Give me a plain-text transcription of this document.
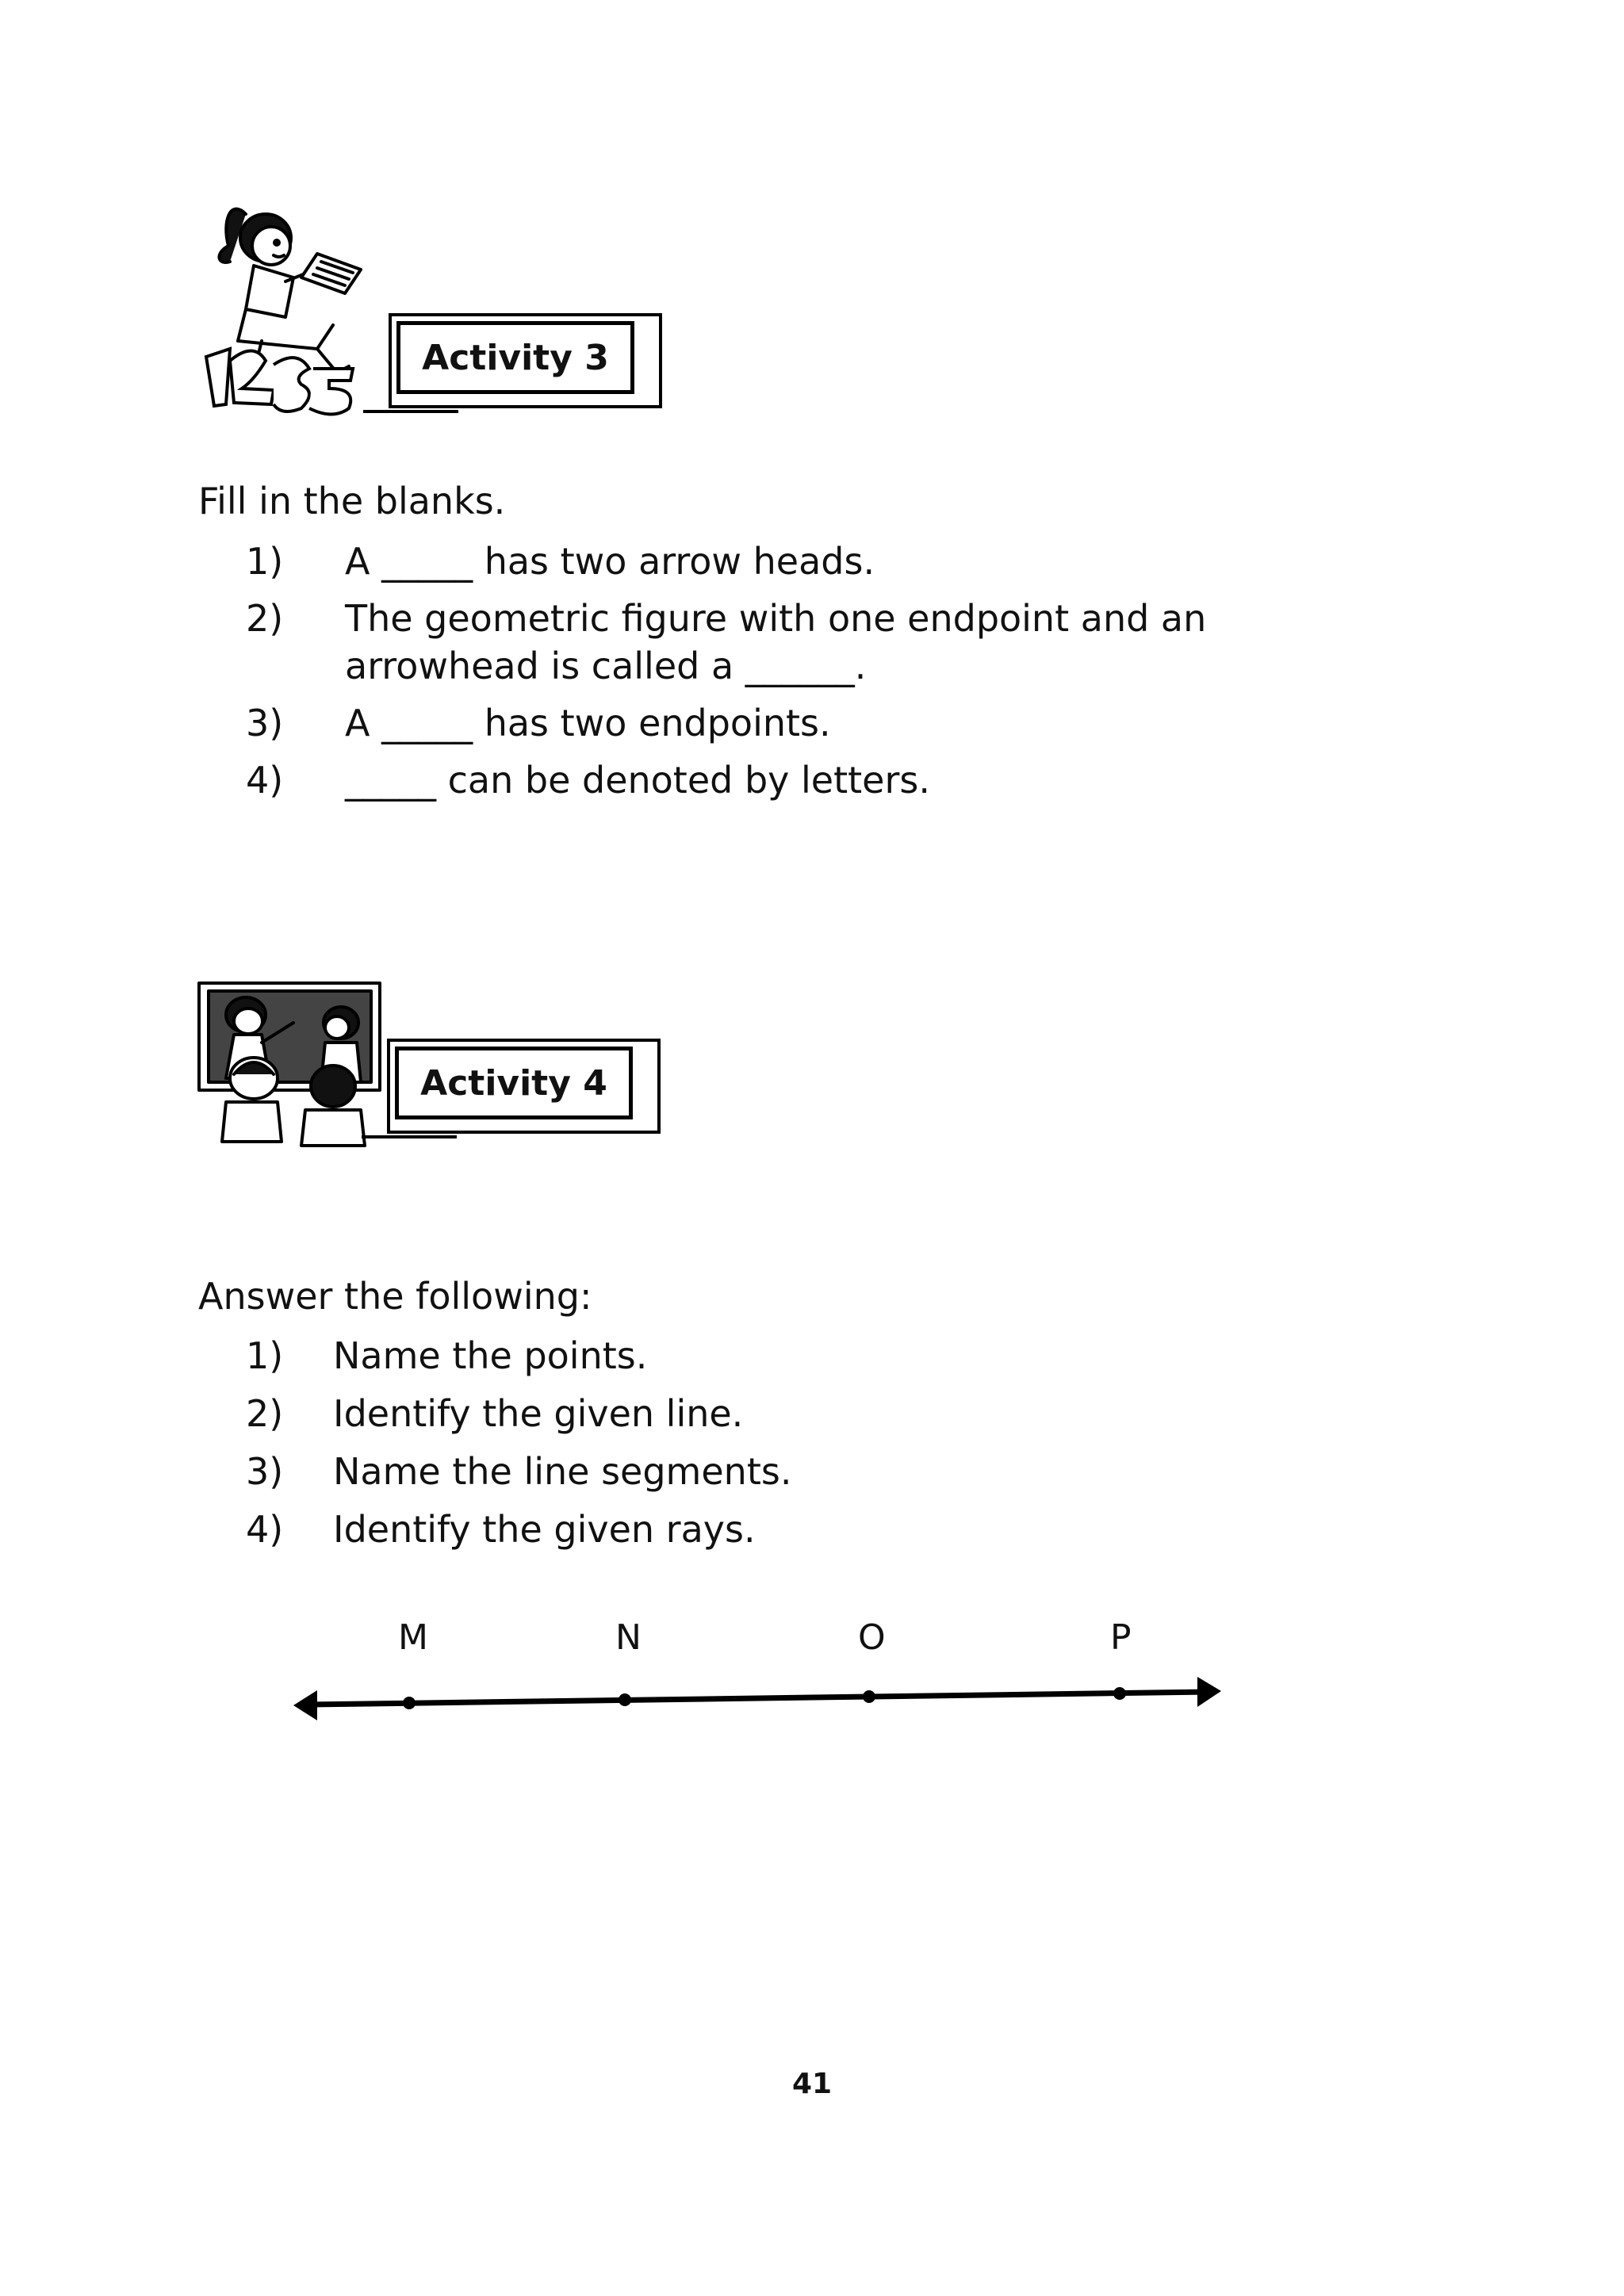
Activity 3
Fill in the blanks.
1) A _____ has two arrow heads.
2) The geometric figure with one endpoint and an
arrowhead is called a ______.
3) A _____ has two endpoints.
4) _____ can be denoted by letters.
Activity 4
Answer the following:
1) Name the points.
2) Identify the given line.
3) Name the line segments.
4) Identify the given rays.
M	N	O	P
41
